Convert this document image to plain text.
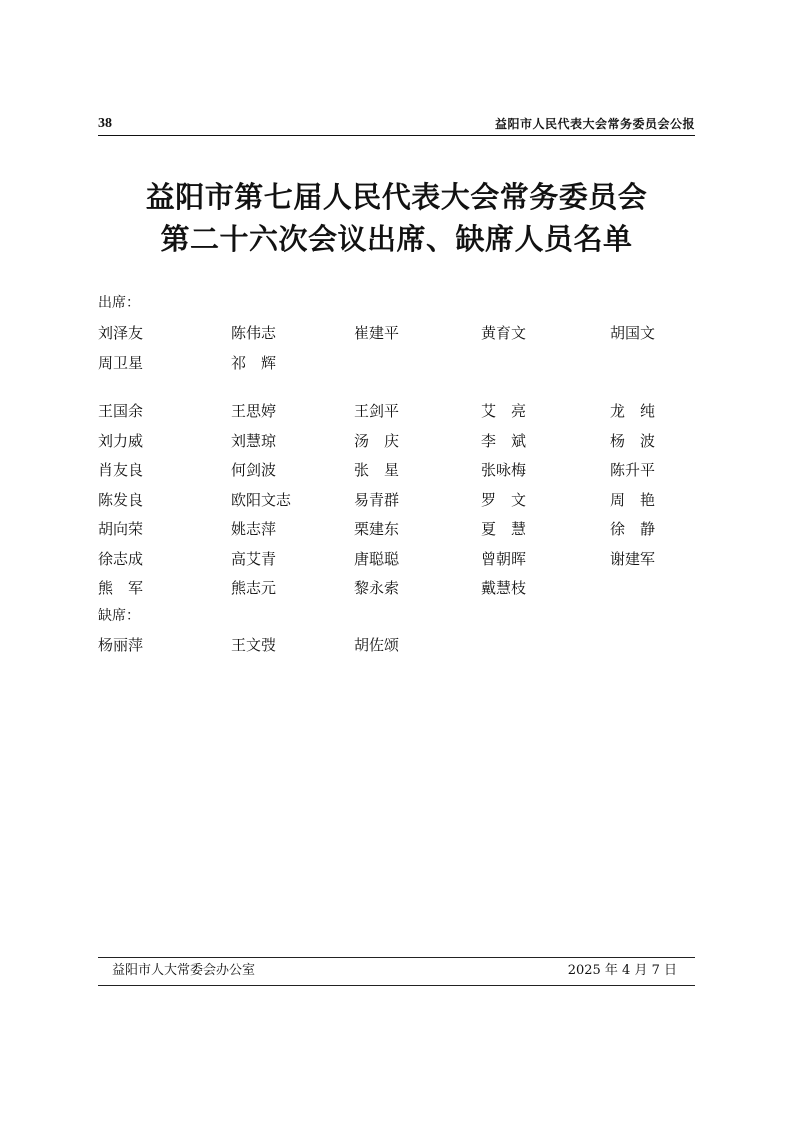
38	益阳市人民代表大会常务委员会公报
益阳市第七届人民代表大会常务委员会
第二十六次会议出席、缺席人员名单
出席：
刘泽友	陈伟志	崔建平	黄育文	胡国文
周卫星	祁　辉
王国余	王思婷	王剑平	艾　亮	龙　纯
刘力威	刘慧琼	汤　庆	李　斌	杨　波
肖友良	何剑波	张　星	张咏梅	陈升平
陈发良	欧阳文志	易青群	罗　文	周　艳
胡向荣	姚志萍	栗建东	夏　慧	徐　静
徐志成	高艾青	唐聪聪	曾朝晖	谢建军
熊　军	熊志元	黎永索	戴慧枝
缺席：
杨丽萍	王文弢	胡佐颂
益阳市人大常委会办公室	2025 年 4 月 7 日
